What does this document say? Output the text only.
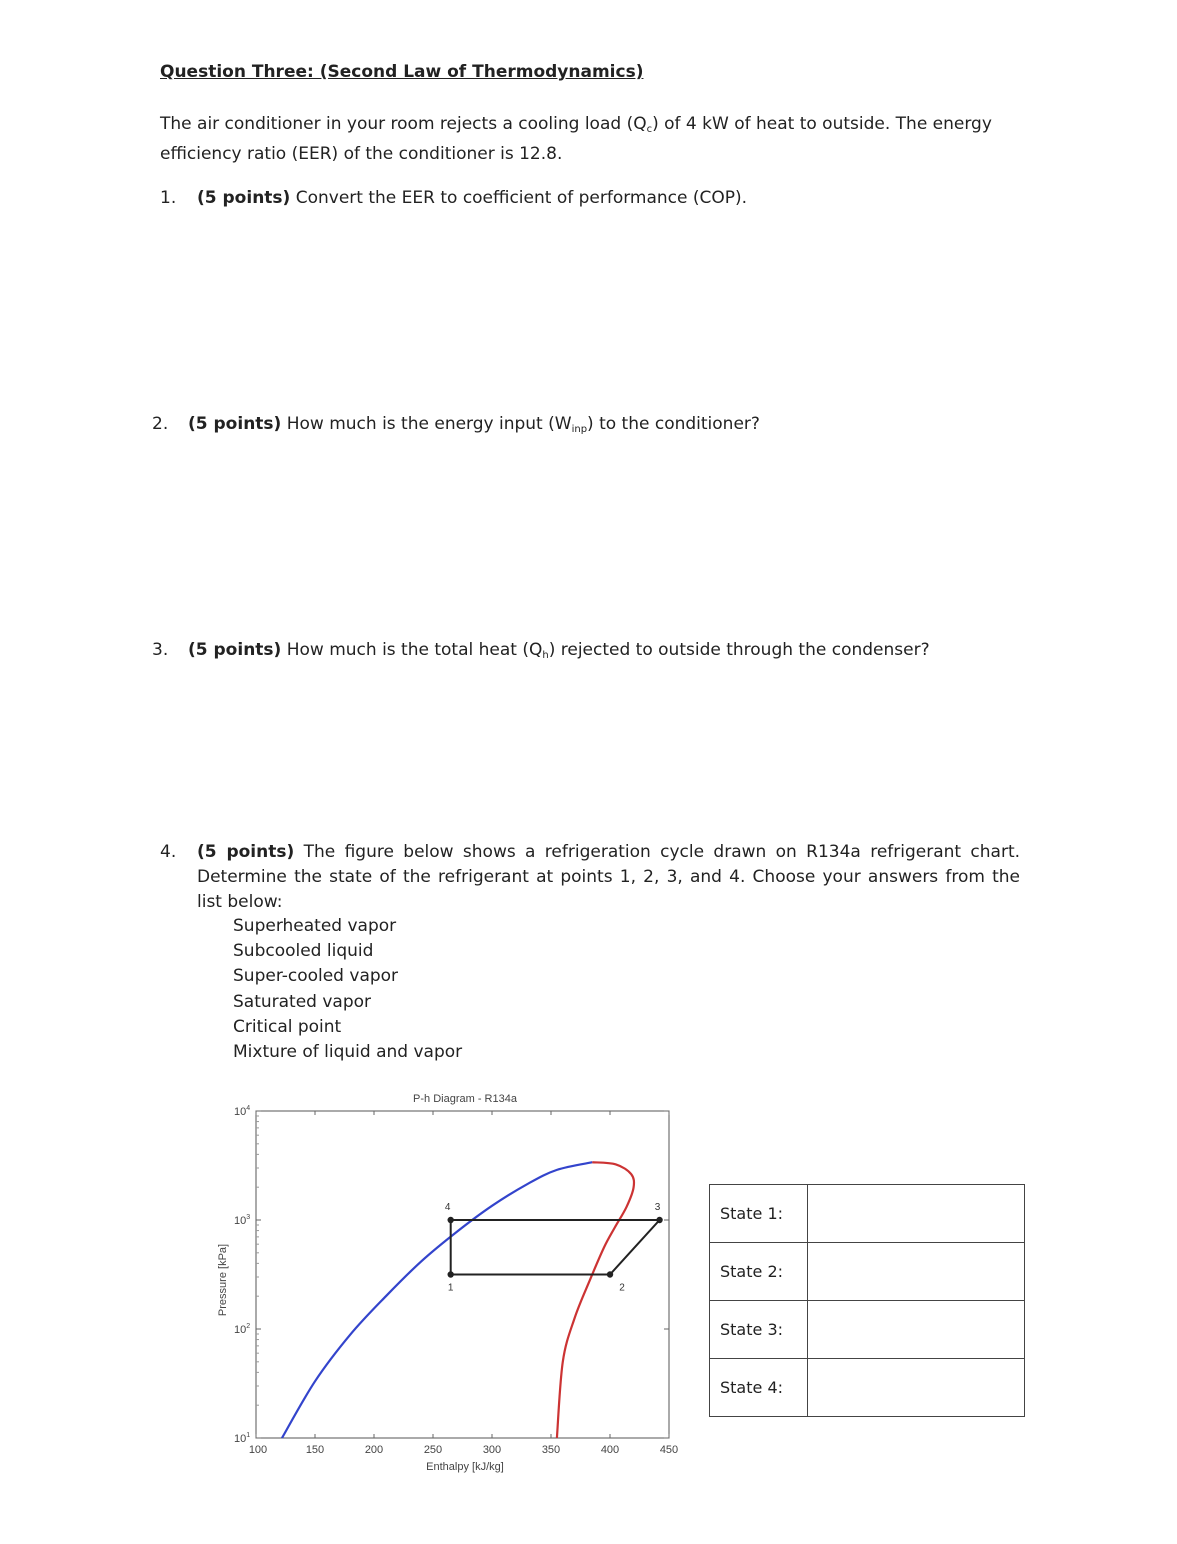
Question Three: (Second Law of Thermodynamics)
The air conditioner in your room rejects a cooling load $(Q_c)$ of 4 kW of heat to outside. The energy efficiency ratio (EER) of the conditioner is 12.8.
1. (5 points) Convert the EER to coefficient of performance (COP).
2. (5 points) How much is the energy input $(W_{inp})$ to the conditioner?
3. (5 points) How much is the total heat $(Q_h)$ rejected to outside through the condenser?
4. (5 points) The figure below shows a refrigeration cycle drawn on R134a refrigerant chart. Determine the state of the refrigerant at points 1, 2, 3, and 4. Choose your answers from the list below:
Superheated vapor
Subcooled liquid
Super-cooled vapor
Saturated vapor
Critical point
Mixture of liquid and vapor
P-h Diagram - R134a
Enthalpy [kJ/kg]
Pressure [kPa]
100	150	200	250	300	350	400	450
$10^4$
$10^3$
$10^2$
$10^1$
1	2
3
4	State 1:	
State 2:	
State 3:	
State 4:	
